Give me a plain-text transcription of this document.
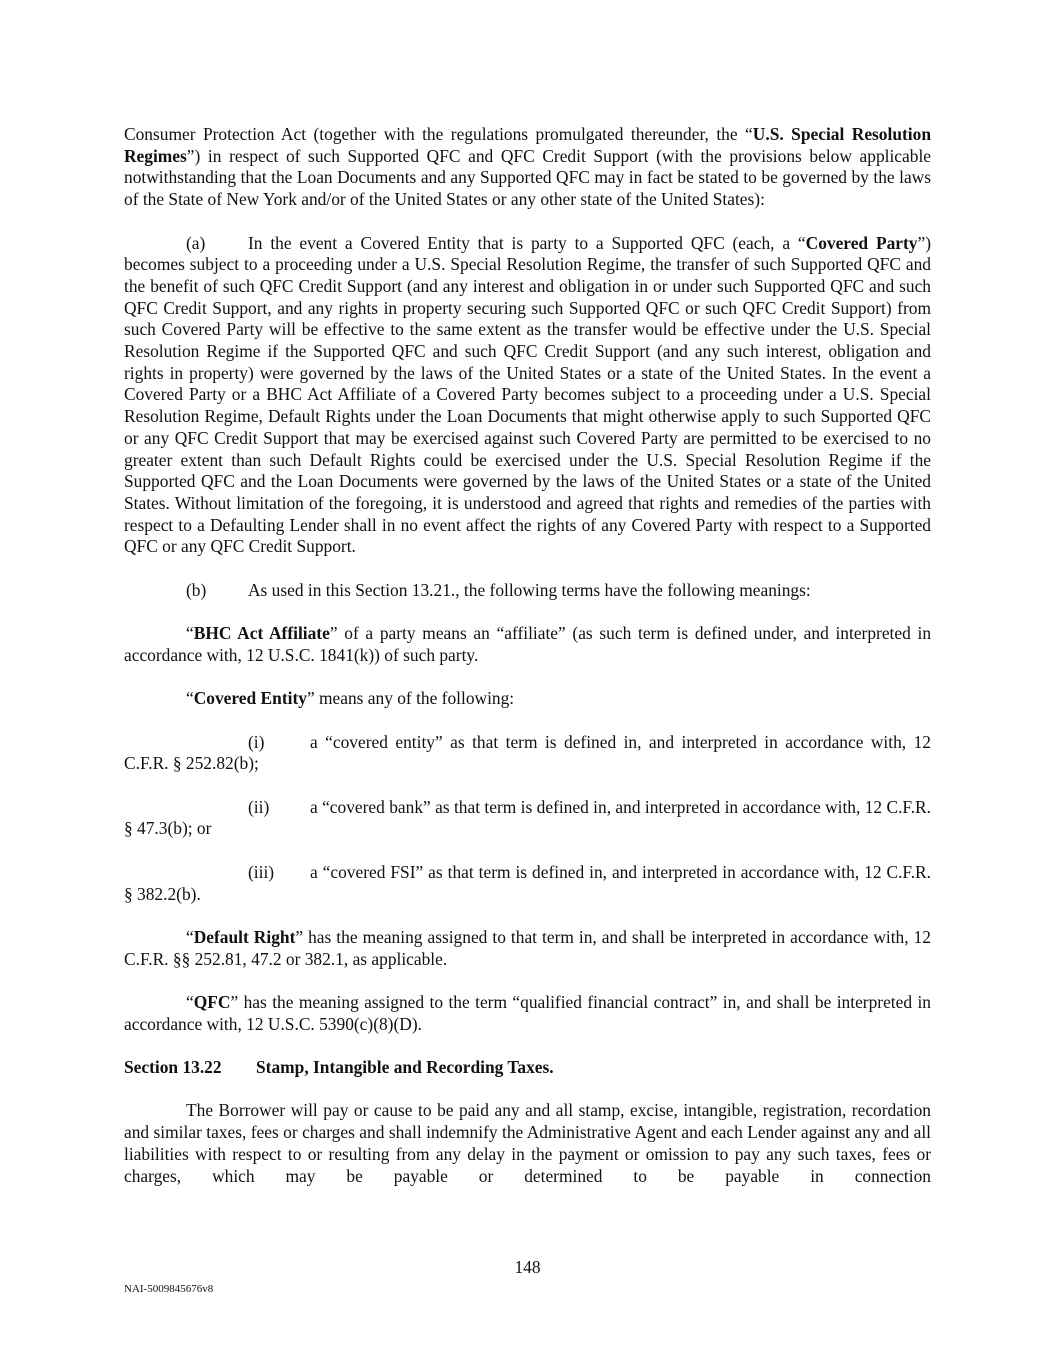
Consumer Protection Act (together with the regulations promulgated thereunder, the “U.S. Special Resolution Regimes”) in respect of such Supported QFC and QFC Credit Support (with the provisions below applicable notwithstanding that the Loan Documents and any Supported QFC may in fact be stated to be governed by the laws of the State of New York and/or of the United States or any other state of the United States):

(a) In the event a Covered Entity that is party to a Supported QFC (each, a “Covered Party”) becomes subject to a proceeding under a U.S. Special Resolution Regime, the transfer of such Supported QFC and the benefit of such QFC Credit Support (and any interest and obligation in or under such Supported QFC and such QFC Credit Support, and any rights in property securing such Supported QFC or such QFC Credit Support) from such Covered Party will be effective to the same extent as the transfer would be effective under the U.S. Special Resolution Regime if the Supported QFC and such QFC Credit Support (and any such interest, obligation and rights in property) were governed by the laws of the United States or a state of the United States. In the event a Covered Party or a BHC Act Affiliate of a Covered Party becomes subject to a proceeding under a U.S. Special Resolution Regime, Default Rights under the Loan Documents that might otherwise apply to such Supported QFC or any QFC Credit Support that may be exercised against such Covered Party are permitted to be exercised to no greater extent than such Default Rights could be exercised under the U.S. Special Resolution Regime if the Supported QFC and the Loan Documents were governed by the laws of the United States or a state of the United States. Without limitation of the foregoing, it is understood and agreed that rights and remedies of the parties with respect to a Defaulting Lender shall in no event affect the rights of any Covered Party with respect to a Supported QFC or any QFC Credit Support.

(b) As used in this Section 13.21., the following terms have the following meanings:

“BHC Act Affiliate” of a party means an “affiliate” (as such term is defined under, and interpreted in accordance with, 12 U.S.C. 1841(k)) of such party.

“Covered Entity” means any of the following:

(i)	a “covered entity” as that term is defined in, and interpreted in accordance with, 12 C.F.R. § 252.82(b);

(ii) a “covered bank” as that term is defined in, and interpreted in accordance with, 12 C.F.R. § 47.3(b); or

(iii) a “covered FSI” as that term is defined in, and interpreted in accordance with, 12 C.F.R. § 382.2(b).

“Default Right” has the meaning assigned to that term in, and shall be interpreted in accordance with, 12 C.F.R. §§ 252.81, 47.2 or 382.1, as applicable.

“QFC” has the meaning assigned to the term “qualified financial contract” in, and shall be interpreted in accordance with, 12 U.S.C. 5390(c)(8)(D).

Section 13.22 Stamp, Intangible and Recording Taxes.

The Borrower will pay or cause to be paid any and all stamp, excise, intangible, registration, recordation and similar taxes, fees or charges and shall indemnify the Administrative Agent and each Lender against any and all liabilities with respect to or resulting from any delay in the payment or omission to pay any such taxes, fees or charges, which may be payable or determined to be payable in connection

148
NAI-5009845676v8
